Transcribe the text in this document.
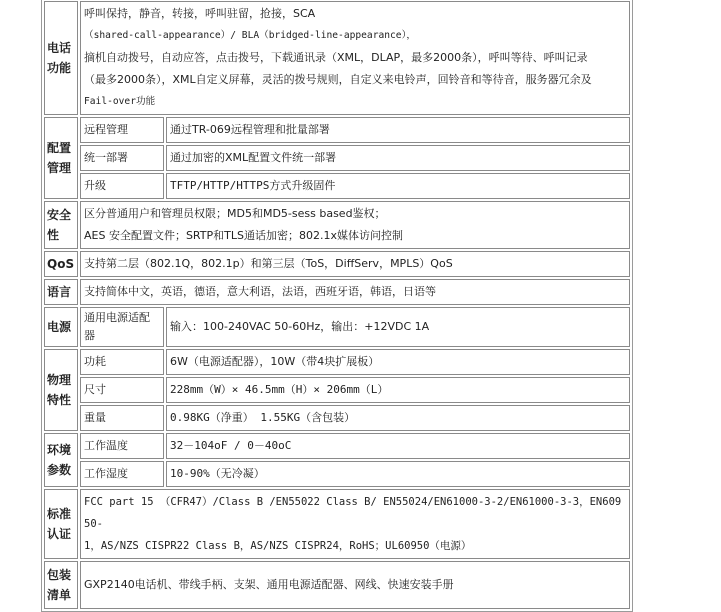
电话功能	呼叫保持，静音，转接，呼叫驻留，抢接，SCA
（shared-call-appearance）/ BLA（bridged-line-appearance），
摘机自动拨号，自动应答，点击拨号，下载通讯录（XML，DLAP，最多2000条），呼叫等待、呼叫记录
（最多2000条），XML自定义屏幕，灵活的拨号规则，自定义来电铃声，回铃音和等待音，服务器冗余及
Fail-over功能	

配置管理	远程管理	通过TR-069远程管理和批量部署
	统一部署	通过加密的XML配置文件统一部署
	升级	TFTP/HTTP/HTTPS方式升级固件
安全性	区分普通用户和管理员权限；MD5和MD5-sess based鉴权；
AES 安全配置文件；SRTP和TLS通话加密；802.1x媒体访问控制	

QoS	支持第二层（802.1Q，802.1p）和第三层（ToS，DiffServ，MPLS）QoS	
语言	支持简体中文，英语，德语，意大利语，法语，西班牙语，韩语，日语等	
电源	通用电源适配器	输入：100-240VAC 50-60Hz，输出：+12VDC 1A
物理特性	功耗	6W（电源适配器），10W（带4块扩展板）
	尺寸	228mm（W）× 46.5mm（H）× 206mm（L）
	重量	0.98KG（净重） 1.55KG（含包装）
环境参数	工作温度	32－104oF / 0－40oC
	工作湿度	10-90%（无冷凝）
标准认证	FCC part 15 （CFR47）/Class B /EN55022 Class B/ EN55024/EN61000-3-2/EN61000-3-3，EN60950-
1，AS/NZS CISPR22 Class B，AS/NZS CISPR24，RoHS；UL60950（电源）	

包装清单	GXP2140电话机、带线手柄、支架、通用电源适配器、网线、快速安装手册	
